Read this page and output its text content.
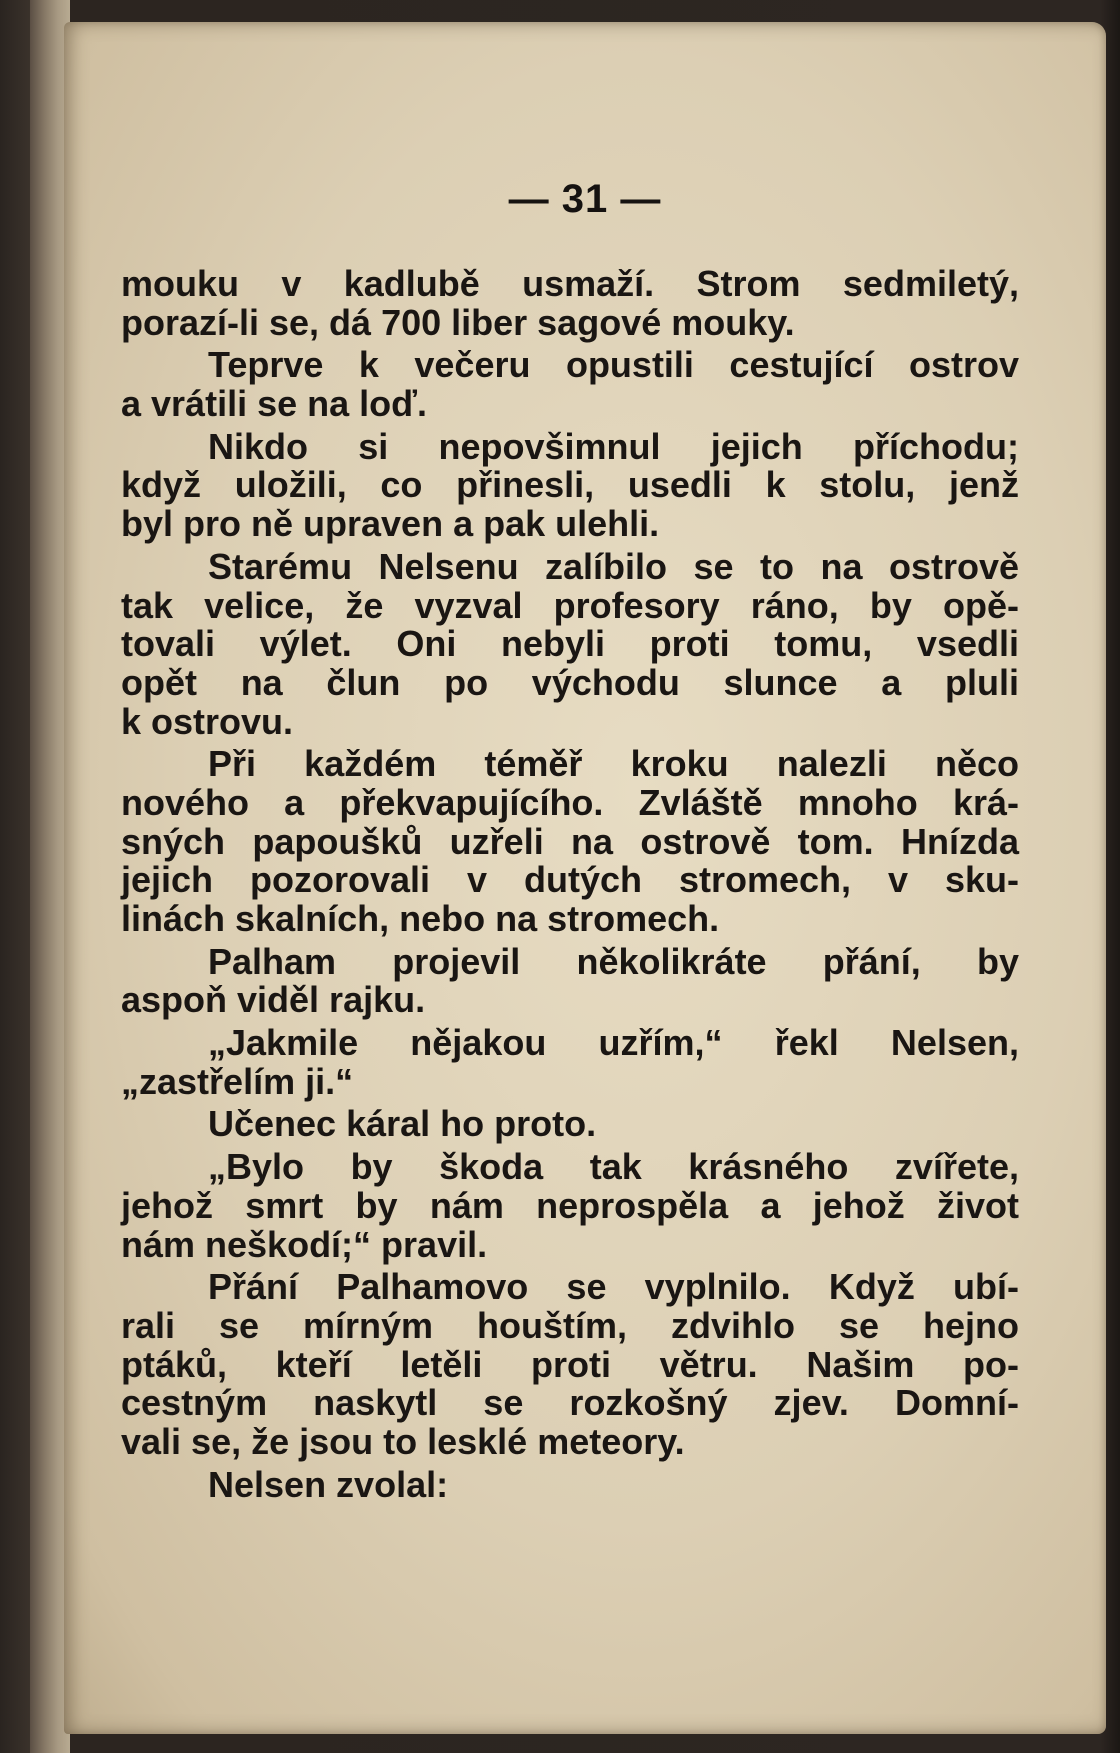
— 31 —
mouku v kadlubě usmaží. Strom sedmiletý,
porazí-li se, dá 700 liber sagové mouky.
Teprve k večeru opustili cestující ostrov
a vrátili se na loď.
Nikdo si nepovšimnul jejich příchodu;
když uložili, co přinesli, usedli k stolu, jenž
byl pro ně upraven a pak ulehli.
Starému Nelsenu zalíbilo se to na ostrově
tak velice, že vyzval profesory ráno, by opě-
tovali výlet. Oni nebyli proti tomu, vsedli
opět na člun po východu slunce a pluli
k ostrovu.
Při každém téměř kroku nalezli něco
nového a překvapujícího. Zvláště mnoho krá-
sných papoušků uzřeli na ostrově tom. Hnízda
jejich pozorovali v dutých stromech, v sku-
linách skalních, nebo na stromech.
Palham projevil několikráte přání, by
aspoň viděl rajku.
„Jakmile nějakou uzřím,“ řekl Nelsen,
„zastřelím ji.“
Učenec káral ho proto.
„Bylo by škoda tak krásného zvířete,
jehož smrt by nám neprospěla a jehož život
nám neškodí;“ pravil.
Přání Palhamovo se vyplnilo. Když ubí-
rali se mírným houštím, zdvihlo se hejno
ptáků, kteří letěli proti větru. Našim po-
cestným naskytl se rozkošný zjev. Domní-
vali se, že jsou to lesklé meteory.
Nelsen zvolal:
